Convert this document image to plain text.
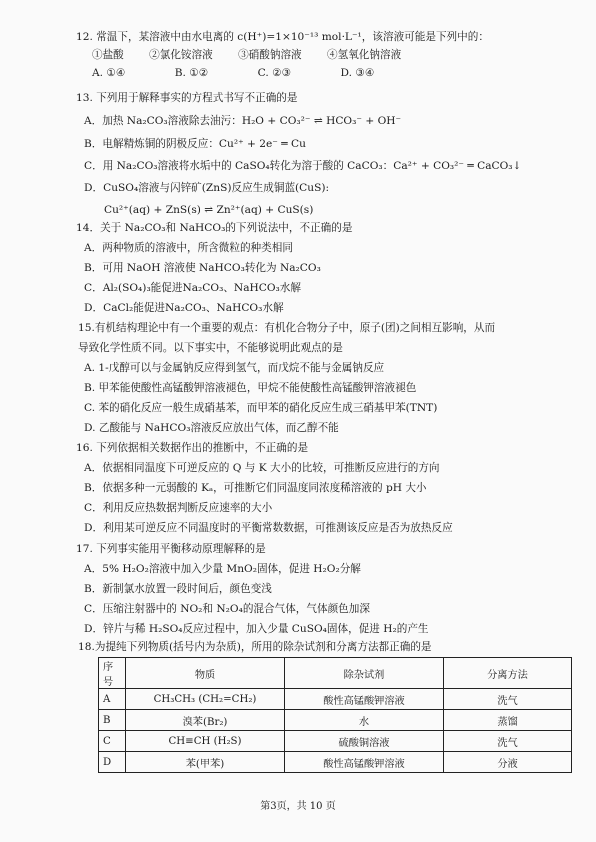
12. 常温下，某溶液中由水电离的 c(H⁺)=1×10⁻¹³ mol·L⁻¹，该溶液可能是下列中的：
①盐酸 ②氯化铵溶液 ③硝酸钠溶液 ④氢氧化钠溶液
A. ①④	B. ①②	C. ②③	D. ③④
13. 下列用于解释事实的方程式书写不正确的是
A．加热 Na₂CO₃溶液除去油污：H₂O + CO₃²⁻ ⇌ HCO₃⁻ + OH⁻
B．电解精炼铜的阴极反应：Cu²⁺ + 2e⁻ ═ Cu
C．用 Na₂CO₃溶液将水垢中的 CaSO₄转化为溶于酸的 CaCO₃：Ca²⁺ + CO₃²⁻ ═ CaCO₃↓
D．CuSO₄溶液与闪锌矿(ZnS)反应生成铜蓝(CuS):
Cu²⁺(aq) + ZnS(s) ⇌ Zn²⁺(aq) + CuS(s)
14．关于 Na₂CO₃和 NaHCO₃的下列说法中，不正确的是
A．两种物质的溶液中，所含微粒的种类相同
B．可用 NaOH 溶液使 NaHCO₃转化为 Na₂CO₃
C．Al₂(SO₄)₃能促进Na₂CO₃、NaHCO₃水解
D．CaCl₂能促进Na₂CO₃、NaHCO₃水解
15.有机结构理论中有一个重要的观点：有机化合物分子中，原子(团)之间相互影响，从而
导致化学性质不同。以下事实中，不能够说明此观点的是
A. 1-戊醇可以与金属钠反应得到氢气，而戊烷不能与金属钠反应
B. 甲苯能使酸性高锰酸钾溶液褪色，甲烷不能使酸性高锰酸钾溶液褪色
C. 苯的硝化反应一般生成硝基苯，而甲苯的硝化反应生成三硝基甲苯(TNT)
D. 乙酸能与 NaHCO₃溶液反应放出气体，而乙醇不能
16. 下列依据相关数据作出的推断中，不正确的是
A．依据相同温度下可逆反应的 Q 与 K 大小的比较，可推断反应进行的方向
B．依据多种一元弱酸的 Kₐ，可推断它们同温度同浓度稀溶液的 pH 大小
C．利用反应热数据判断反应速率的大小
D．利用某可逆反应不同温度时的平衡常数数据，可推测该反应是否为放热反应
17. 下列事实能用平衡移动原理解释的是
A．5% H₂O₂溶液中加入少量 MnO₂固体，促进 H₂O₂分解
B．新制氯水放置一段时间后，颜色变浅
C．压缩注射器中的 NO₂和 N₂O₄的混合气体，气体颜色加深
D．锌片与稀 H₂SO₄反应过程中，加入少量 CuSO₄固体，促进 H₂的产生
18.为提纯下列物质(括号内为杂质)，所用的除杂试剂和分离方法都正确的是
序号	物质	除杂试剂	分离方法
A	CH₃CH₃ (CH₂=CH₂)	酸性高锰酸钾溶液	洗气
B	溴苯(Br₂)	水	蒸馏
C	CH≡CH (H₂S)	硫酸铜溶液	洗气
D	苯(甲苯)	酸性高锰酸钾溶液	分液
第3页，共 10 页
